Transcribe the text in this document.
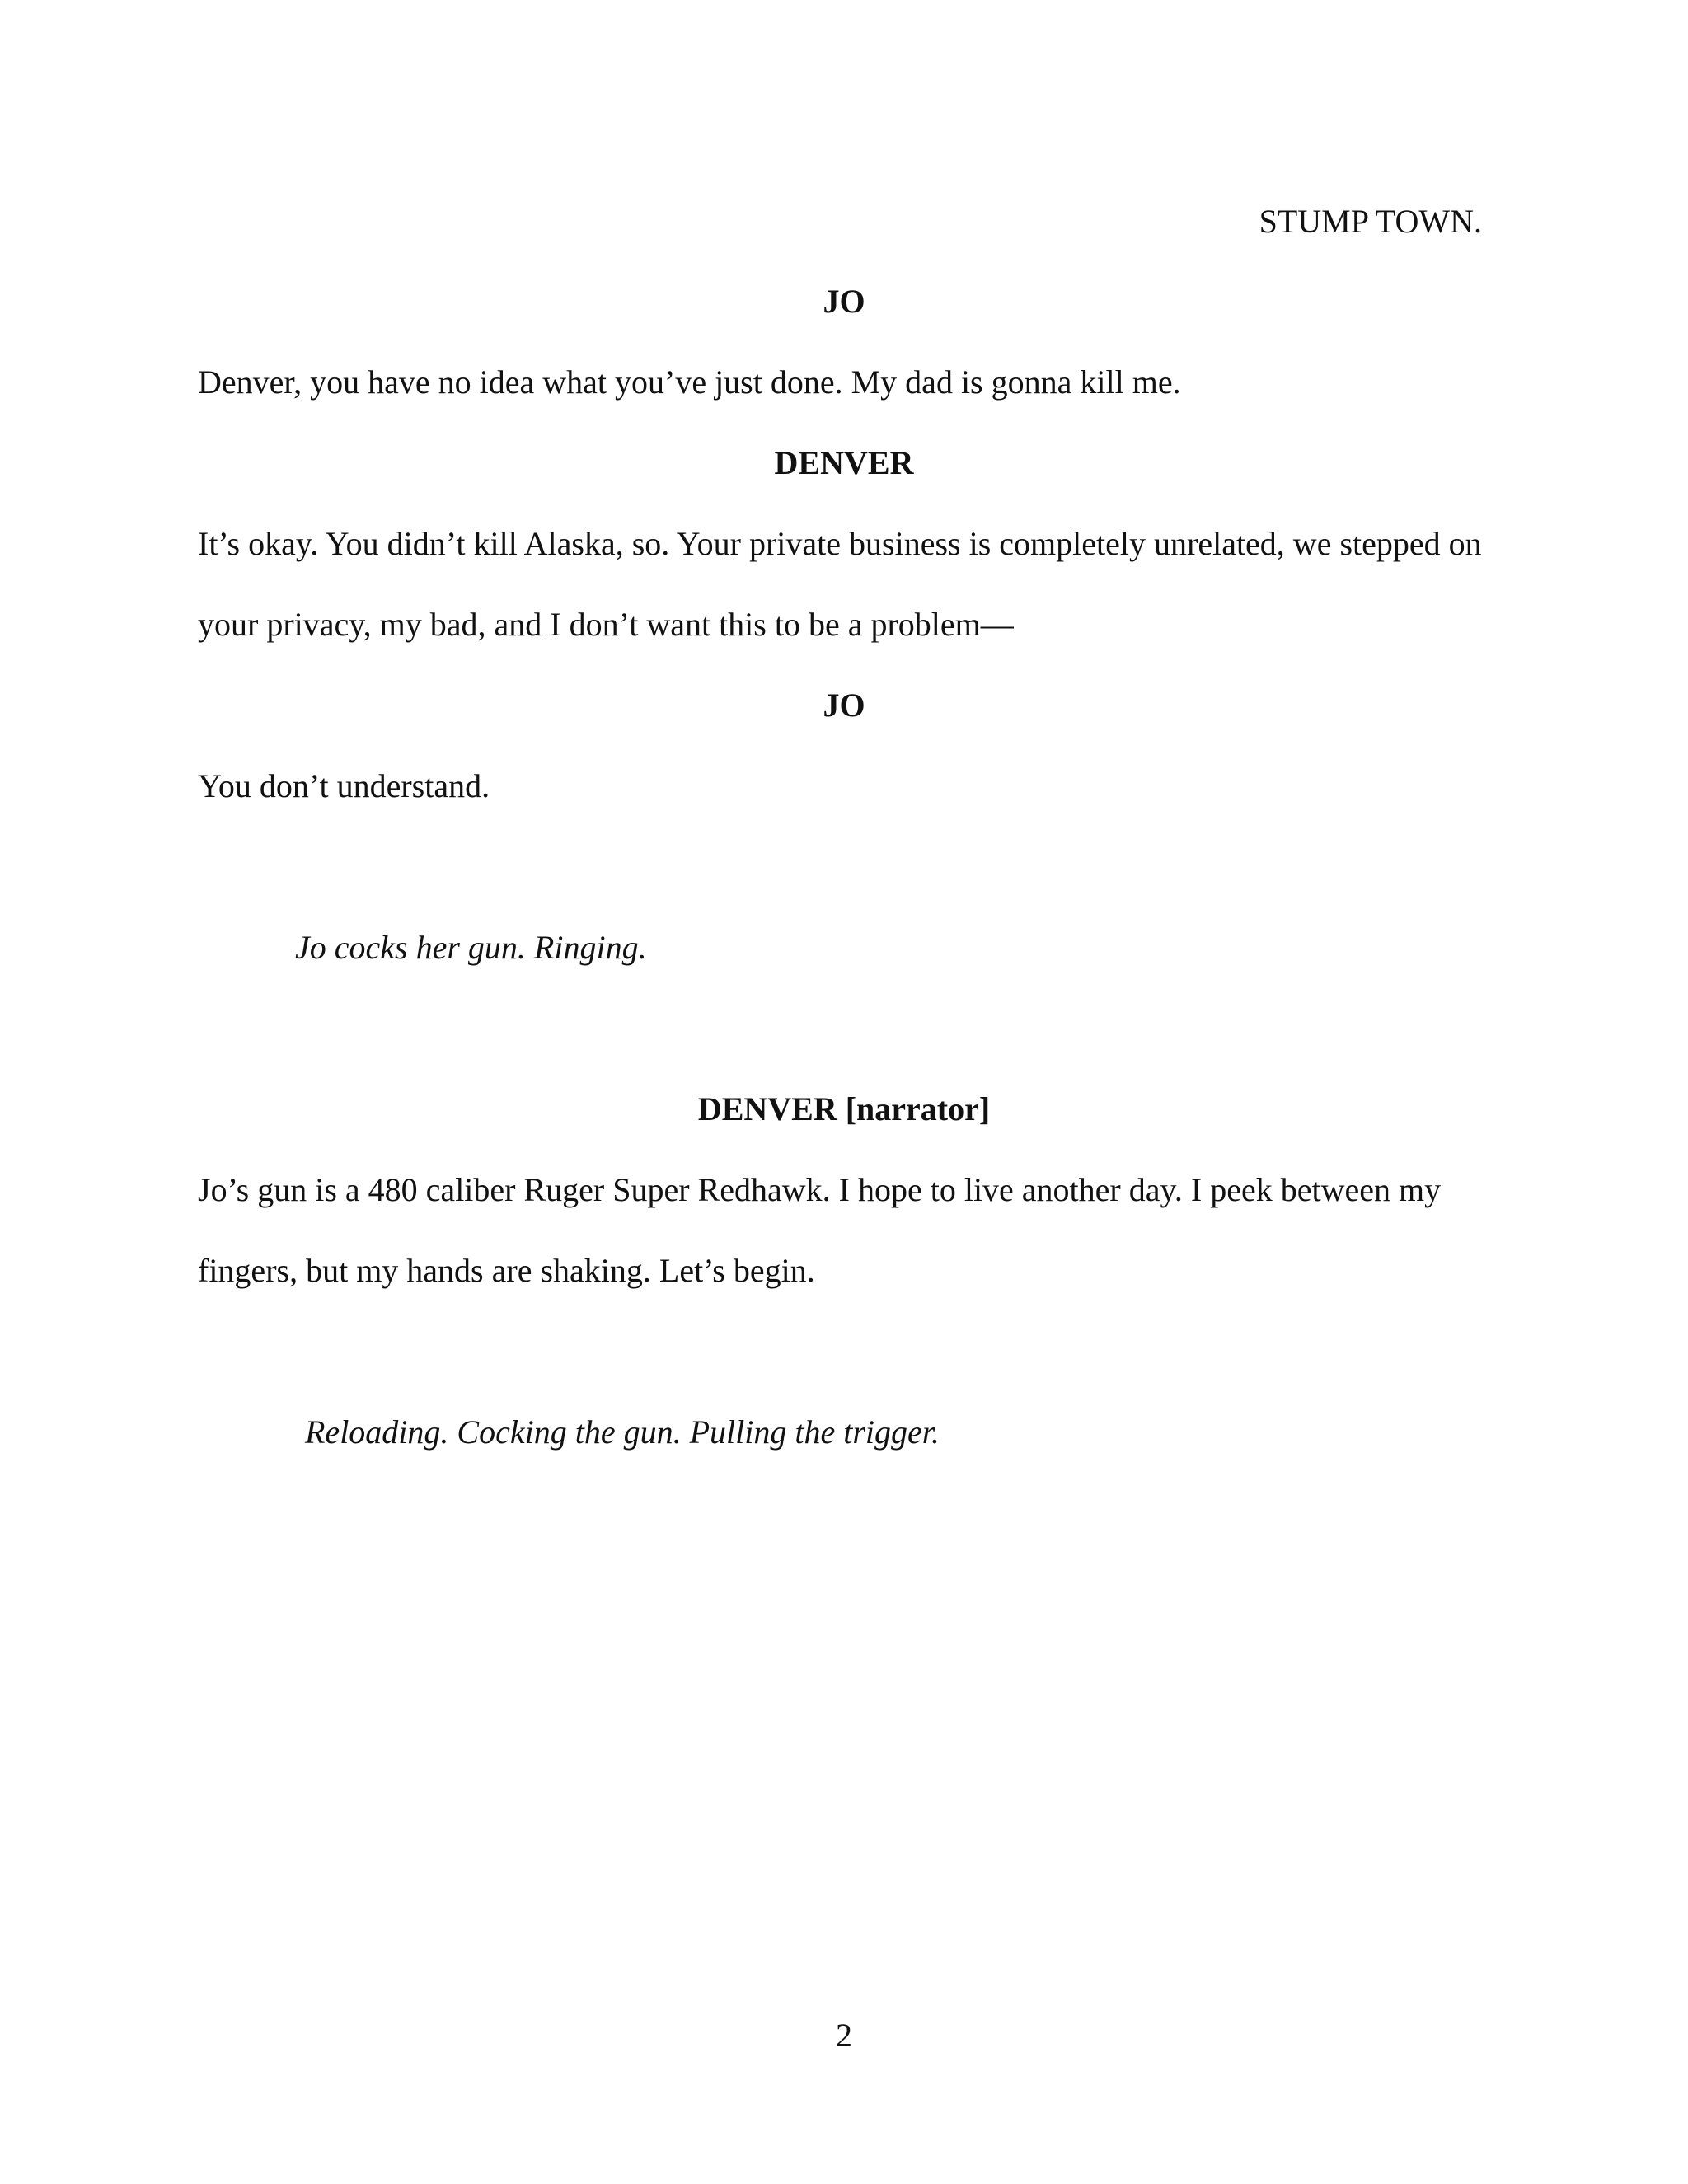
STUMP TOWN.
JO
Denver, you have no idea what you’ve just done. My dad is gonna kill me.
DENVER
It’s okay. You didn’t kill Alaska, so. Your private business is completely unrelated, we stepped on
your privacy, my bad, and I don’t want this to be a problem—
JO
You don’t understand.
Jo cocks her gun. Ringing.
DENVER [narrator]
Jo’s gun is a 480 caliber Ruger Super Redhawk. I hope to live another day. I peek between my
fingers, but my hands are shaking. Let’s begin.
Reloading. Cocking the gun. Pulling the trigger.
2
